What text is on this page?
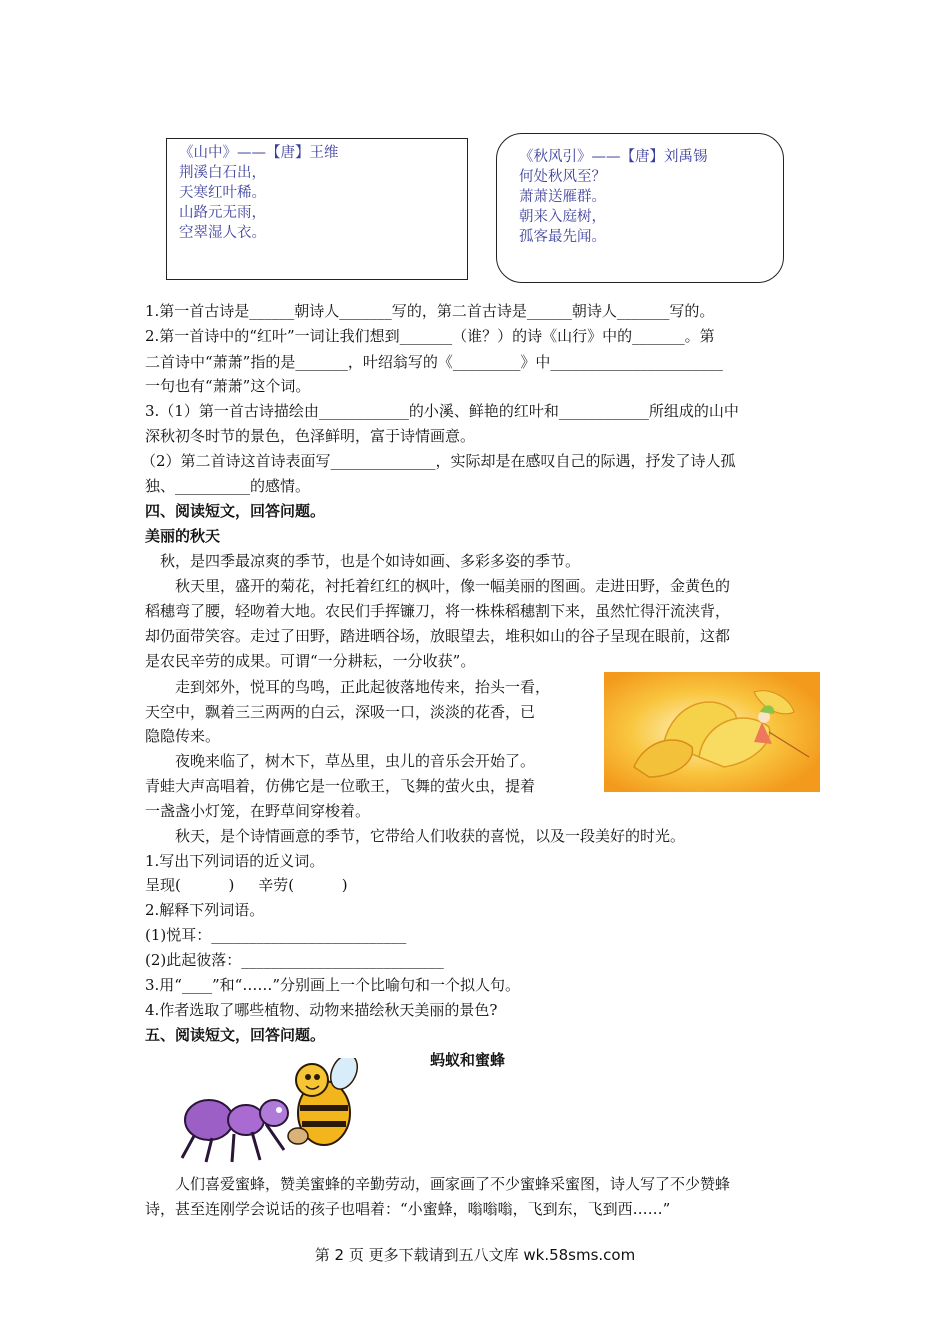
《山中》——【唐】王维
荆溪白石出，
天寒红叶稀。
山路元无雨，
空翠湿人衣。
《秋风引》——【唐】刘禹锡
何处秋风至？
萧萧送雁群。
朝来入庭树，
孤客最先闻。
1.第一首古诗是______朝诗人_______写的，第二首古诗是______朝诗人_______写的。
2.第一首诗中的“红叶”一词让我们想到_______（谁？）的诗《山行》中的_______。第
二首诗中“萧萧”指的是_______，叶绍翁写的《_________》中_______________________
一句也有“萧萧”这个词。
3.（1）第一首古诗描绘由____________的小溪、鲜艳的红叶和____________所组成的山中
深秋初冬时节的景色，色泽鲜明，富于诗情画意。
（2）第二首诗这首诗表面写______________，实际却是在感叹自己的际遇，抒发了诗人孤
独、__________的感情。
四、阅读短文，回答问题。
美丽的秋天
秋，是四季最凉爽的季节，也是个如诗如画、多彩多姿的季节。
秋天里，盛开的菊花，衬托着红红的枫叶，像一幅美丽的图画。走进田野，金黄色的
稻穗弯了腰，轻吻着大地。农民们手挥镰刀，将一株株稻穗割下来，虽然忙得汗流浃背，
却仍面带笑容。走过了田野，踏进晒谷场，放眼望去，堆积如山的谷子呈现在眼前，这都
是农民辛劳的成果。可谓“一分耕耘，一分收获”。
走到郊外，悦耳的鸟鸣，正此起彼落地传来，抬头一看，
天空中，飘着三三两两的白云，深吸一口，淡淡的花香，已
隐隐传来。
夜晚来临了，树木下，草丛里，虫儿的音乐会开始了。
青蛙大声高唱着，仿佛它是一位歌王，飞舞的萤火虫，提着
一盏盏小灯笼，在野草间穿梭着。
秋天，是个诗情画意的季节，它带给人们收获的喜悦，以及一段美好的时光。
1.写出下列词语的近义词。
呈现(          )     辛劳(          )
2.解释下列词语。
(1)悦耳：__________________________
(2)此起彼落：___________________________
3.用“____”和“……”分别画上一个比喻句和一个拟人句。
4.作者选取了哪些植物、动物来描绘秋天美丽的景色?
五、阅读短文，回答问题。
蚂蚁和蜜蜂
人们喜爱蜜蜂，赞美蜜蜂的辛勤劳动，画家画了不少蜜蜂采蜜图，诗人写了不少赞蜂
诗，甚至连刚学会说话的孩子也唱着：“小蜜蜂，嗡嗡嗡，飞到东，飞到西……”
第 2 页 更多下载请到五八文库 wk.58sms.com
